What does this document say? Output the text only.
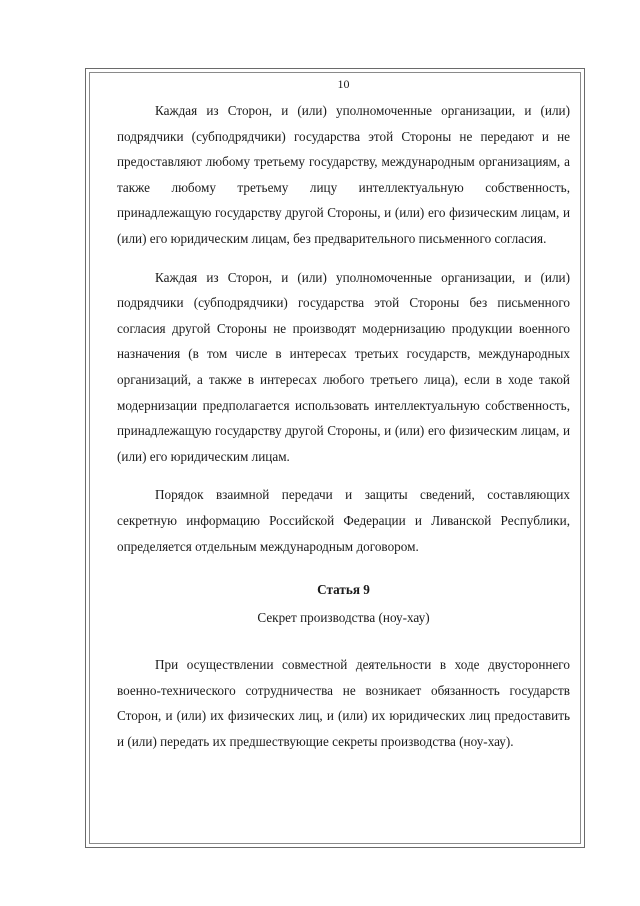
10

Каждая из Сторон, и (или) уполномоченные организации, и (или) подрядчики (субподрядчики) государства этой Стороны не передают и не предоставляют любому третьему государству, международным организациям, а также любому третьему лицу интеллектуальную собственность, принадлежащую государству другой Стороны, и (или) его физическим лицам, и (или) его юридическим лицам, без предварительного письменного согласия.

Каждая из Сторон, и (или) уполномоченные организации, и (или) подрядчики (субподрядчики) государства этой Стороны без письменного согласия другой Стороны не производят модернизацию продукции военного назначения (в том числе в интересах третьих государств, международных организаций, а также в интересах любого третьего лица), если в ходе такой модернизации предполагается использовать интеллектуальную собственность, принадлежащую государству другой Стороны, и (или) его физическим лицам, и (или) его юридическим лицам.

Порядок взаимной передачи и защиты сведений, составляющих секретную информацию Российской Федерации и Ливанской Республики, определяется отдельным международным договором.

Статья 9
Секрет производства (ноу-хау)

При осуществлении совместной деятельности в ходе двустороннего военно-технического сотрудничества не возникает обязанность государств Сторон, и (или) их физических лиц, и (или) их юридических лиц предоставить и (или) передать их предшествующие секреты производства (ноу-хау).
